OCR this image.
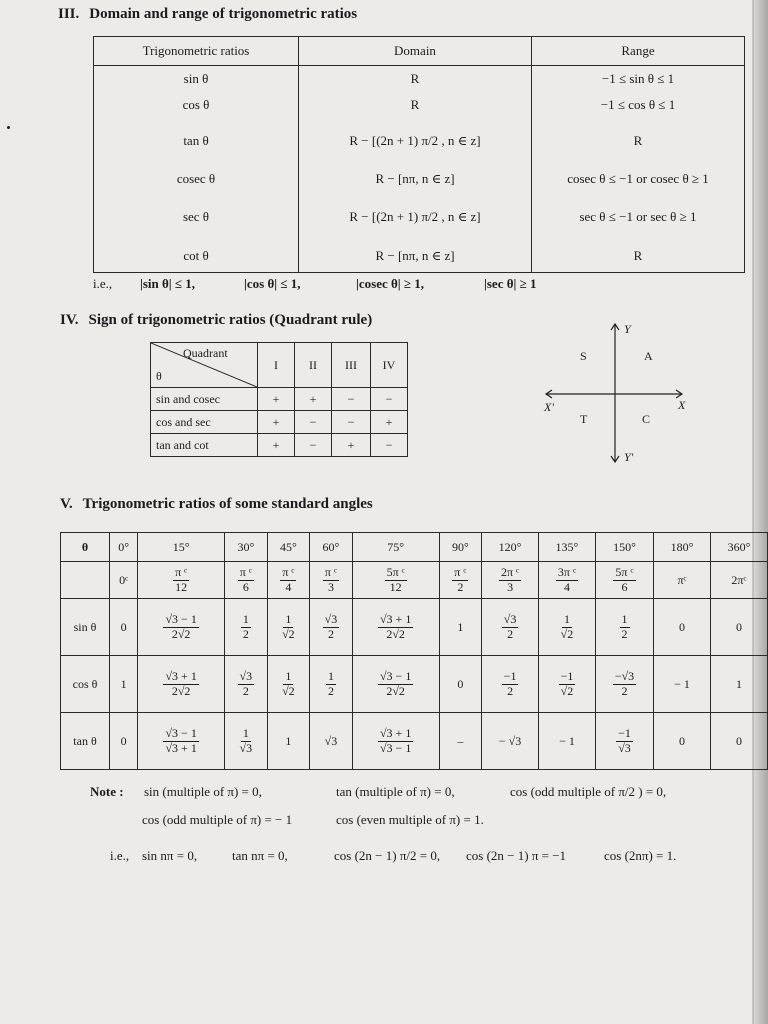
III. Domain and range of trigonometric ratios
Trigonometric ratios	Domain	Range
sin θ	R	−1 ≤ sin θ ≤ 1
cos θ	R	−1 ≤ cos θ ≤ 1
tan θ	R − [(2n + 1) π/2 , n ∈ z]	R
cosec θ	R − [nπ, n ∈ z]	cosec θ ≤ −1 or cosec θ ≥ 1
sec θ	R − [(2n + 1) π/2 , n ∈ z]	sec θ ≤ −1 or sec θ ≥ 1
cot θ	R − [nπ, n ∈ z]	R
i.e., |sin θ| ≤ 1,	|cos θ| ≤ 1,	|cosec θ| ≥ 1,	|sec θ| ≥ 1
IV. Sign of trigonometric ratios (Quadrant rule)
Quadrant
θ	I	II	III	IV
sin and cosec	+	+	−	−
cos and sec	+	−	−	+
tan and cot	+	−	+	−
Y
Y'
X
X'
S	A
T	C
V. Trigonometric ratios of some standard angles
θ	0°	15°	30°	45°	60°	75°	90°	120°	135°	150°	180°	360°
	0ᶜ	$\frac{\text{π ᶜ}}{12}$	$\frac{\text{π ᶜ}}{6}$	$\frac{\text{π ᶜ}}{4}$	$\frac{\text{π ᶜ}}{3}$	$\frac{\text{5π ᶜ}}{12}$	$\frac{\text{π ᶜ}}{2}$	$\frac{\text{2π ᶜ}}{3}$	$\frac{\text{3π ᶜ}}{4}$	$\frac{\text{5π ᶜ}}{6}$	πᶜ	2πᶜ
sin θ	0	$\frac{√3 - 1}{2√2}$	$\frac{1}{2}$	$\frac{1}{√2}$	$\frac{√3}{2}$	$\frac{√3 + 1}{2√2}$	1	$\frac{√3}{2}$	$\frac{1}{√2}$	$\frac{1}{2}$	0	0
cos θ	1	$\frac{√3 + 1}{2√2}$	$\frac{√3}{2}$	$\frac{1}{√2}$	$\frac{1}{2}$	$\frac{√3 - 1}{2√2}$	0	$\frac{-1}{2}$	$\frac{-1}{√2}$	$\frac{-√3}{2}$	− 1	1
tan θ	0	$\frac{√3 - 1}{√3 + 1}$	$\frac{1}{√3}$	1	√3	$\frac{√3 + 1}{√3 - 1}$	–	− √3	− 1	$\frac{-1}{√3}$	0	0
Note : sin (multiple of π) = 0,	tan (multiple of π) = 0,	cos (odd multiple of π/2 ) = 0,
cos (odd multiple of π) = − 1	cos (even multiple of π) = 1.
i.e., sin nπ = 0,	tan nπ = 0,	cos (2n − 1) π/2 = 0, cos (2n − 1) π = −1	cos (2nπ) = 1.
